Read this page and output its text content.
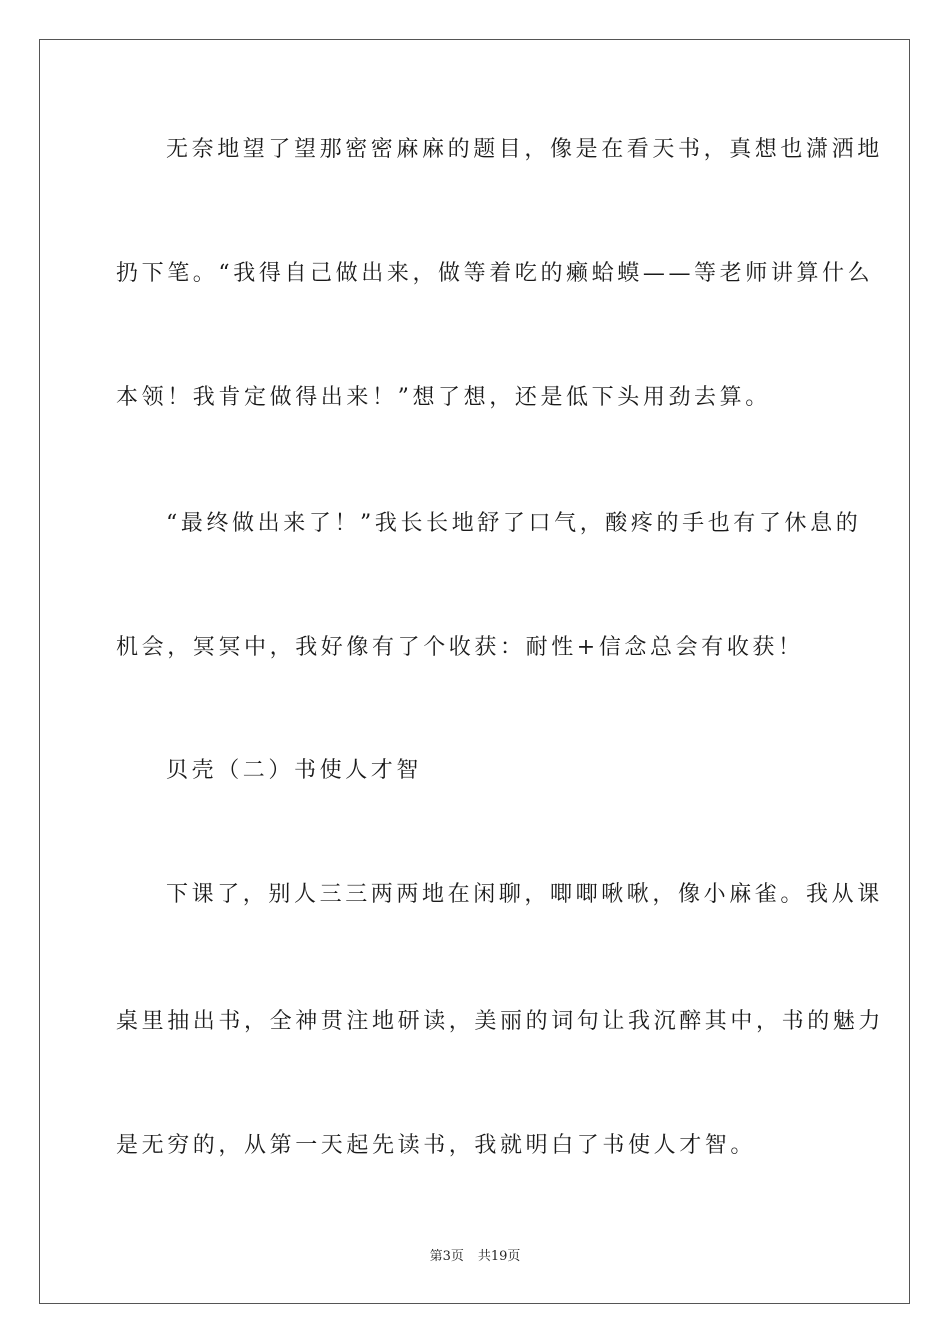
无奈地望了望那密密麻麻的题目，像是在看天书，真想也潇洒地
扔下笔。“我得自己做出来，做等着吃的癞蛤蟆——等老师讲算什么
本领！我肯定做得出来！”想了想，还是低下头用劲去算。
“最终做出来了！”我长长地舒了口气，酸疼的手也有了休息的
机会，冥冥中，我好像有了个收获：耐性+信念总会有收获！
贝壳（二）书使人才智
下课了，别人三三两两地在闲聊，唧唧啾啾，像小麻雀。我从课
桌里抽出书，全神贯注地研读，美丽的词句让我沉醉其中，书的魅力
是无穷的，从第一天起先读书，我就明白了书使人才智。
第3页 共19页
